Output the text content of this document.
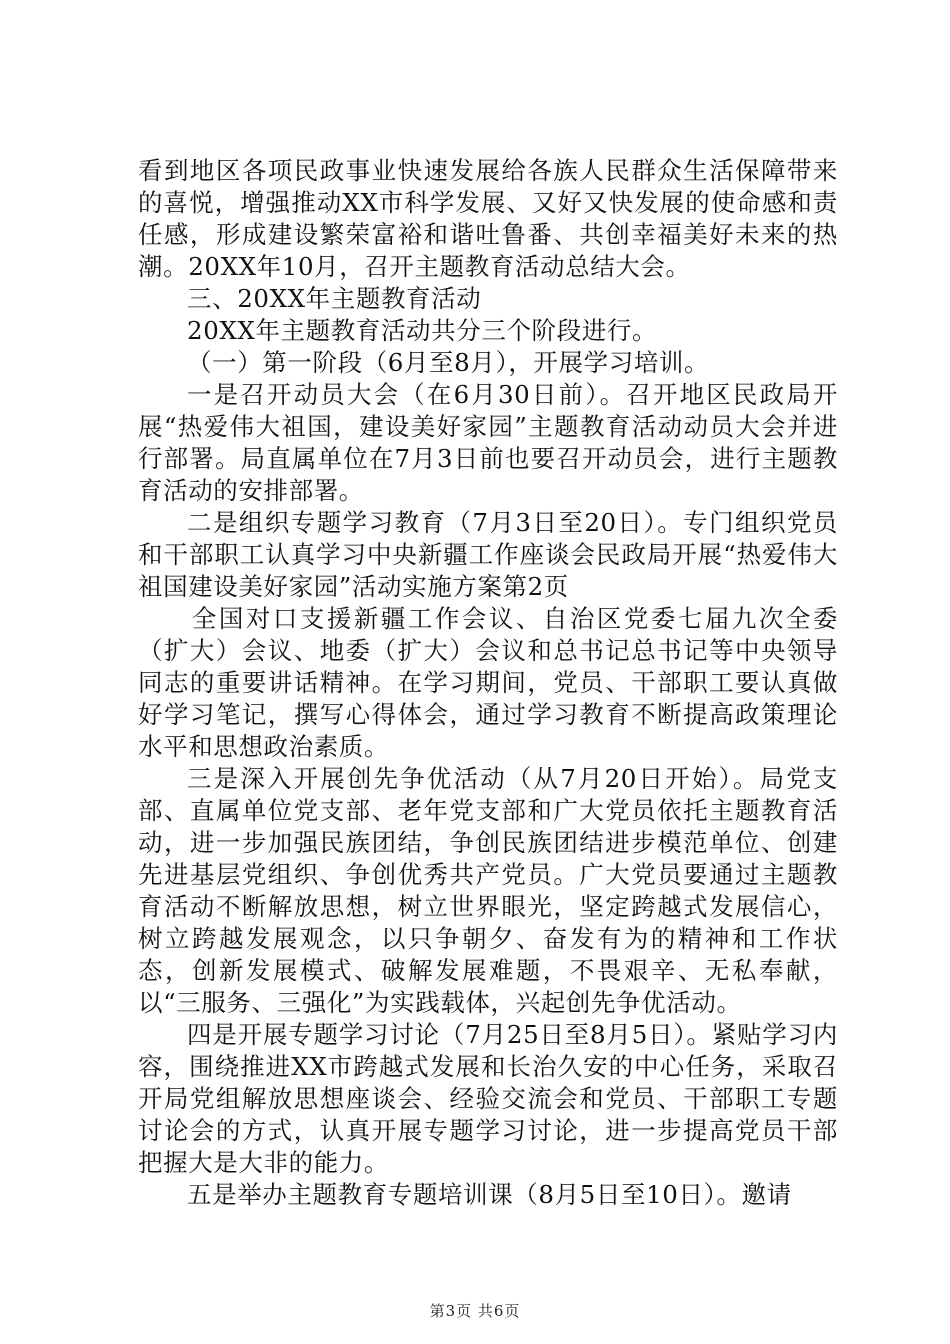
看到地区各项民政事业快速发展给各族人民群众生活保障带来的喜悦，增强推动XX市科学发展、又好又快发展的使命感和责任感，形成建设繁荣富裕和谐吐鲁番、共创幸福美好未来的热潮。20XX年10月，召开主题教育活动总结大会。

三、20XX年主题教育活动

20XX年主题教育活动共分三个阶段进行。

（一）第一阶段（6月至8月），开展学习培训。

一是召开动员大会（在6月30日前）。召开地区民政局开展“热爱伟大祖国，建设美好家园”主题教育活动动员大会并进行部署。局直属单位在7月3日前也要召开动员会，进行主题教育活动的安排部署。

二是组织专题学习教育（7月3日至20日）。专门组织党员和干部职工认真学习中央新疆工作座谈会民政局开展“热爱伟大祖国建设美好家园”活动实施方案第2页

全国对口支援新疆工作会议、自治区党委七届九次全委（扩大）会议、地委（扩大）会议和总书记总书记等中央领导同志的重要讲话精神。在学习期间，党员、干部职工要认真做好学习笔记，撰写心得体会，通过学习教育不断提高政策理论水平和思想政治素质。

三是深入开展创先争优活动（从7月20日开始）。局党支部、直属单位党支部、老年党支部和广大党员依托主题教育活动，进一步加强民族团结，争创民族团结进步模范单位、创建先进基层党组织、争创优秀共产党员。广大党员要通过主题教育活动不断解放思想，树立世界眼光，坚定跨越式发展信心，树立跨越发展观念，以只争朝夕、奋发有为的精神和工作状态，创新发展模式、破解发展难题，不畏艰辛、无私奉献，以“三服务、三强化”为实践载体，兴起创先争优活动。

四是开展专题学习讨论（7月25日至8月5日）。紧贴学习内容，围绕推进XX市跨越式发展和长治久安的中心任务，采取召开局党组解放思想座谈会、经验交流会和党员、干部职工专题讨论会的方式，认真开展专题学习讨论，进一步提高党员干部把握大是大非的能力。

五是举办主题教育专题培训课（8月5日至10日）。邀请

第3页 共6页
